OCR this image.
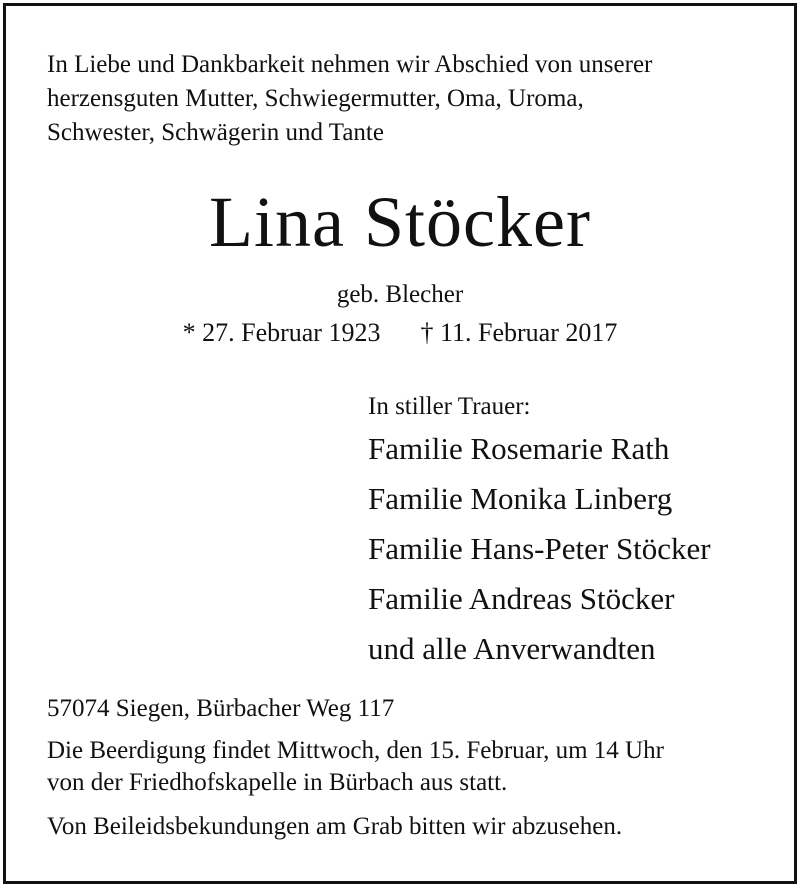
In Liebe und Dankbarkeit nehmen wir Abschied von unserer
herzensguten Mutter, Schwiegermutter, Oma, Uroma,
Schwester, Schwägerin und Tante
Lina Stöcker
geb. Blecher
* 27. Februar 1923 † 11. Februar 2017
In stiller Trauer:
Familie Rosemarie Rath
Familie Monika Linberg
Familie Hans-Peter Stöcker
Familie Andreas Stöcker
und alle Anverwandten
57074 Siegen, Bürbacher Weg 117
Die Beerdigung findet Mittwoch, den 15. Februar, um 14 Uhr
von der Friedhofskapelle in Bürbach aus statt.
Von Beileidsbekundungen am Grab bitten wir abzusehen.
